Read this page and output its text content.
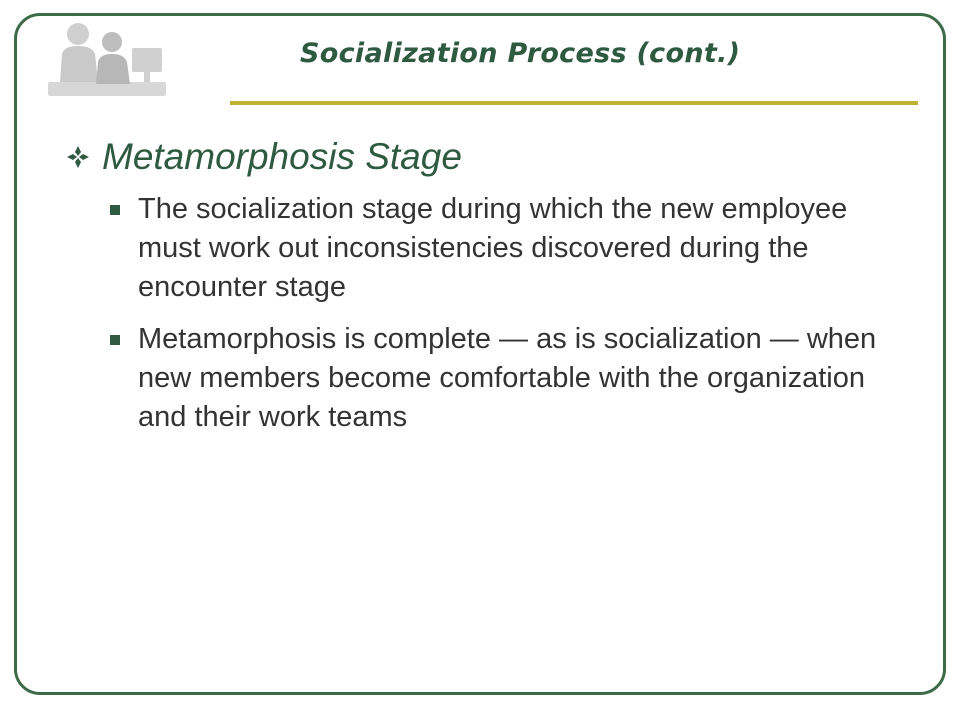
Socialization Process (cont.)
Metamorphosis Stage
The socialization stage during which the new employee must work out inconsistencies discovered during the encounter stage
Metamorphosis is complete — as is socialization — when new members become comfortable with the organization and their work teams
